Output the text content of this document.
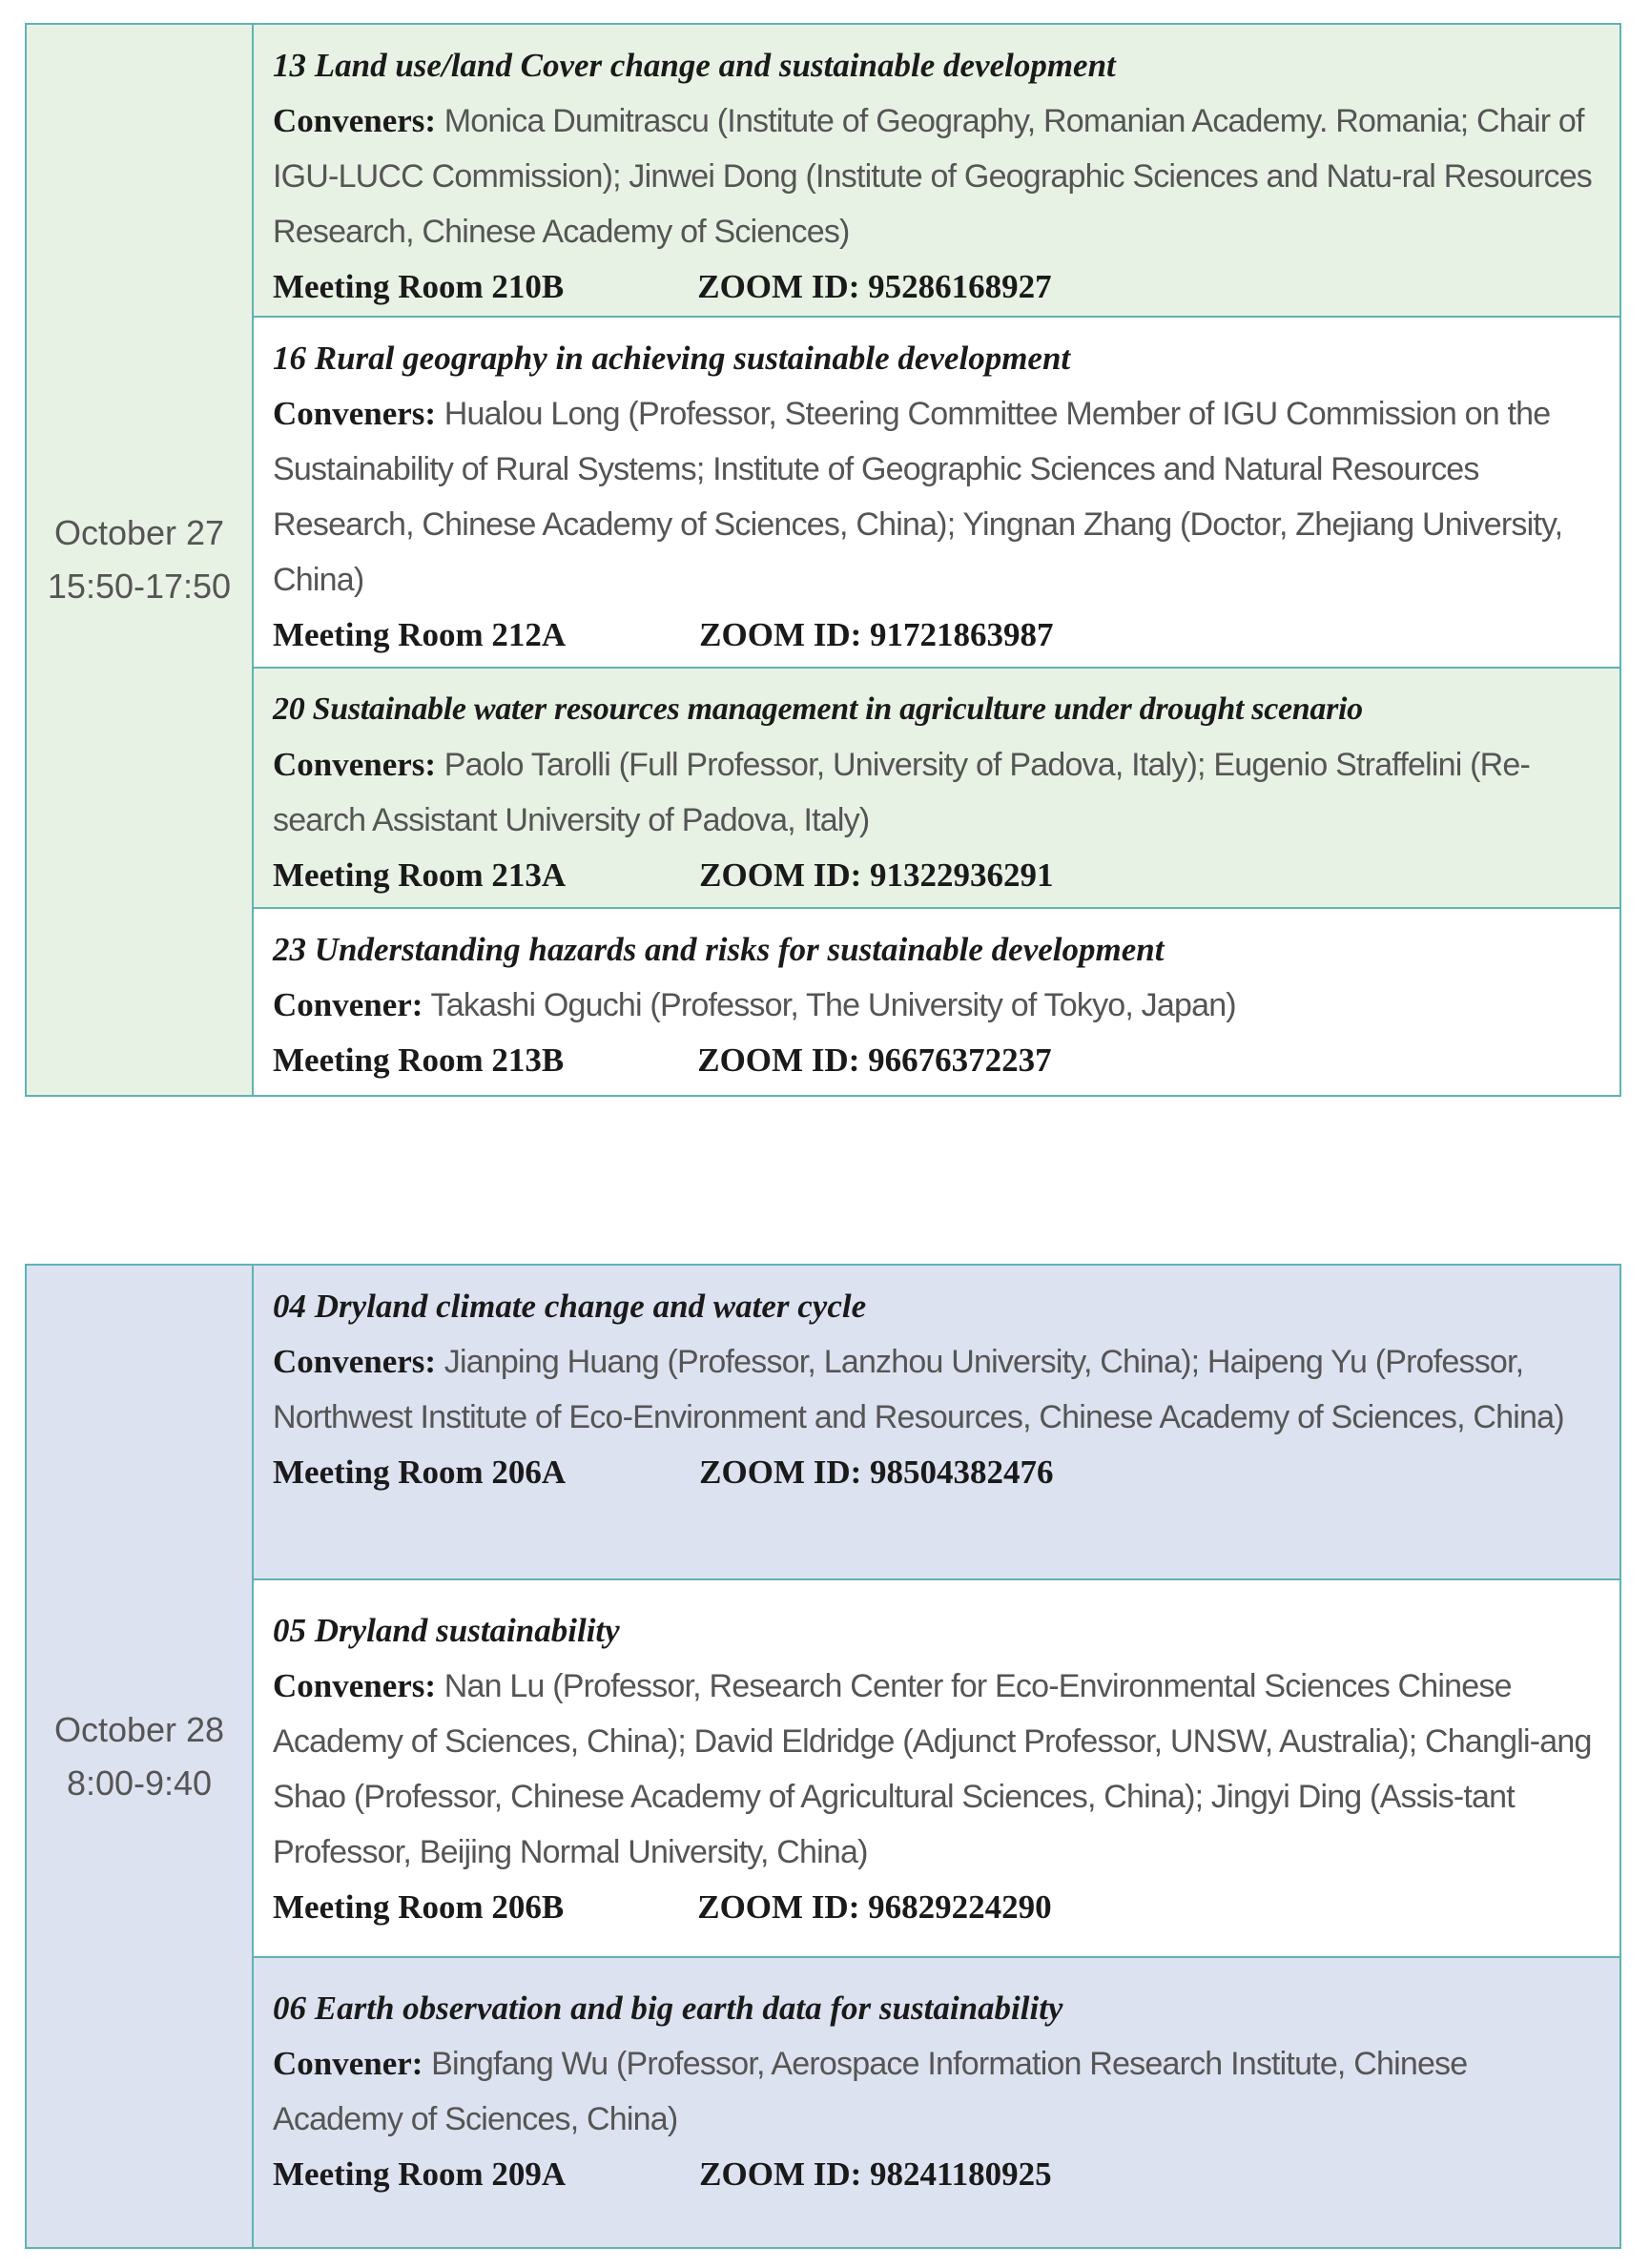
October 27
15:50-17:50
13 Land use/land Cover change and sustainable development
Conveners: Monica Dumitrascu (Institute of Geography, Romanian Academy. Romania; Chair of IGU-LUCC Commission); Jinwei Dong (Institute of Geographic Sciences and Natu-ral Resources Research, Chinese Academy of Sciences)
Meeting Room 210B	ZOOM ID: 95286168927
16 Rural geography in achieving sustainable development
Conveners: Hualou Long (Professor, Steering Committee Member of IGU Commission on the Sustainability of Rural Systems; Institute of Geographic Sciences and Natural Resources Research, Chinese Academy of Sciences, China); Yingnan Zhang (Doctor, Zhejiang University, China)
Meeting Room 212A	ZOOM ID: 91721863987
20 Sustainable water resources management in agriculture under drought scenario
Conveners: Paolo Tarolli (Full Professor, University of Padova, Italy); Eugenio Straffelini (Re-search Assistant University of Padova, Italy)
Meeting Room 213A	ZOOM ID: 91322936291
23 Understanding hazards and risks for sustainable development
Convener: Takashi Oguchi (Professor, The University of Tokyo, Japan)
Meeting Room 213B	ZOOM ID: 96676372237
October 28
8:00-9:40
04 Dryland climate change and water cycle
Conveners: Jianping Huang (Professor, Lanzhou University, China); Haipeng Yu (Professor, Northwest Institute of Eco-Environment and Resources, Chinese Academy of Sciences, China)
Meeting Room 206A	ZOOM ID: 98504382476
05 Dryland sustainability
Conveners: Nan Lu (Professor, Research Center for Eco-Environmental Sciences Chinese Academy of Sciences, China); David Eldridge (Adjunct Professor, UNSW, Australia); Changli-ang Shao (Professor, Chinese Academy of Agricultural Sciences, China); Jingyi Ding (Assis-tant Professor, Beijing Normal University, China)
Meeting Room 206B	ZOOM ID: 96829224290
06 Earth observation and big earth data for sustainability
Convener: Bingfang Wu (Professor, Aerospace Information Research Institute, Chinese Academy of Sciences, China)
Meeting Room 209A	ZOOM ID: 98241180925
